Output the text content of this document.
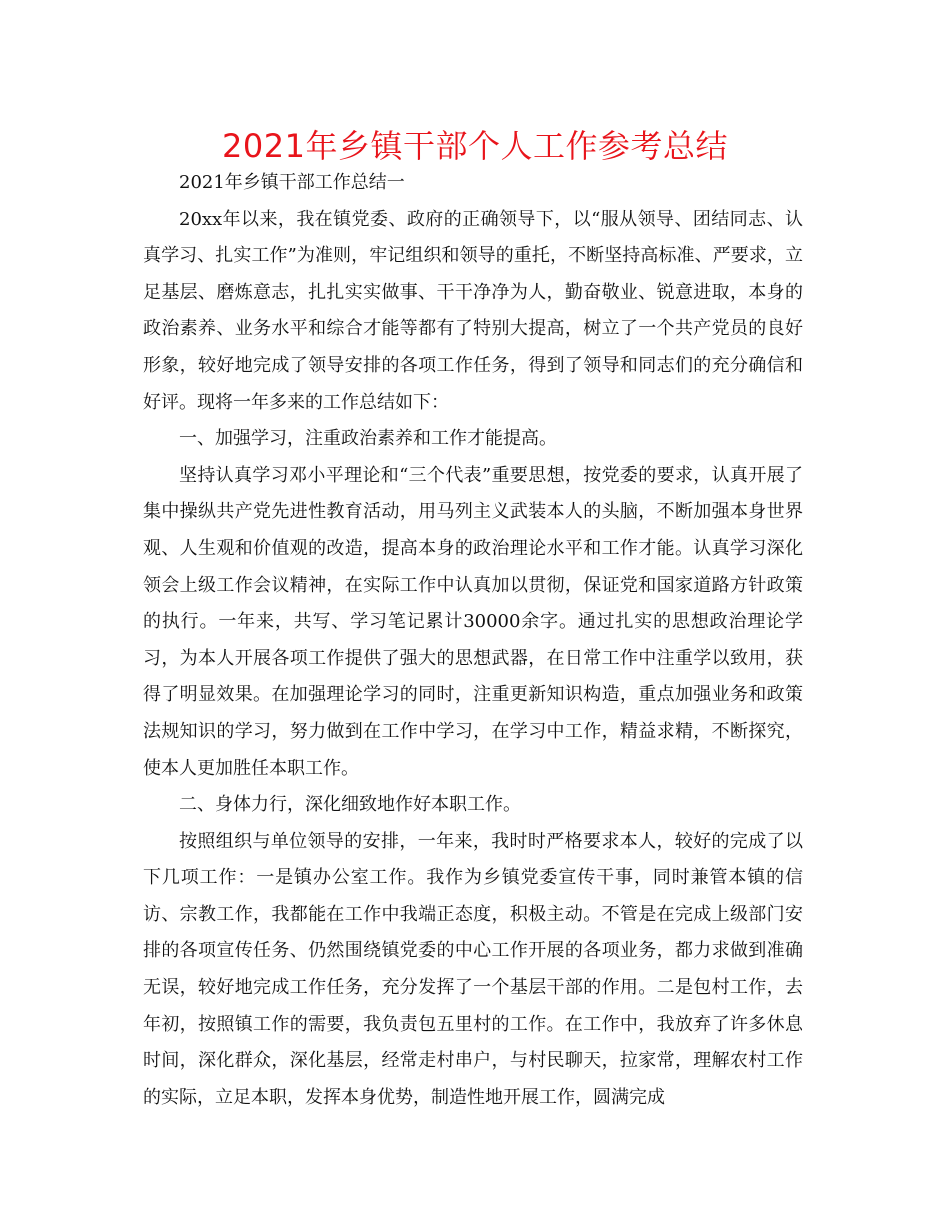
2021年乡镇干部个人工作参考总结

2021年乡镇干部工作总结一

20xx年以来，我在镇党委、政府的正确领导下，以“服从领导、团结同志、认真学习、扎实工作”为准则，牢记组织和领导的重托，不断坚持高标准、严要求，立足基层、磨炼意志，扎扎实实做事、干干净净为人，勤奋敬业、锐意进取，本身的政治素养、业务水平和综合才能等都有了特别大提高，树立了一个共产党员的良好形象，较好地完成了领导安排的各项工作任务，得到了领导和同志们的充分确信和好评。现将一年多来的工作总结如下：

一、加强学习，注重政治素养和工作才能提高。

坚持认真学习邓小平理论和“三个代表”重要思想，按党委的要求，认真开展了集中操纵共产党先进性教育活动，用马列主义武装本人的头脑，不断加强本身世界观、人生观和价值观的改造，提高本身的政治理论水平和工作才能。认真学习深化领会上级工作会议精神，在实际工作中认真加以贯彻，保证党和国家道路方针政策的执行。一年来，共写、学习笔记累计30000余字。通过扎实的思想政治理论学习，为本人开展各项工作提供了强大的思想武器，在日常工作中注重学以致用，获得了明显效果。在加强理论学习的同时，注重更新知识构造，重点加强业务和政策法规知识的学习，努力做到在工作中学习，在学习中工作，精益求精，不断探究，使本人更加胜任本职工作。

二、身体力行，深化细致地作好本职工作。

按照组织与单位领导的安排，一年来，我时时严格要求本人，较好的完成了以下几项工作：一是镇办公室工作。我作为乡镇党委宣传干事，同时兼管本镇的信访、宗教工作，我都能在工作中我端正态度，积极主动。不管是在完成上级部门安排的各项宣传任务、仍然围绕镇党委的中心工作开展的各项业务，都力求做到准确无误，较好地完成工作任务，充分发挥了一个基层干部的作用。二是包村工作，去年初，按照镇工作的需要，我负责包五里村的工作。在工作中，我放弃了许多休息时间，深化群众，深化基层，经常走村串户，与村民聊天，拉家常，理解农村工作的实际，立足本职，发挥本身优势，制造性地开展工作，圆满完成
